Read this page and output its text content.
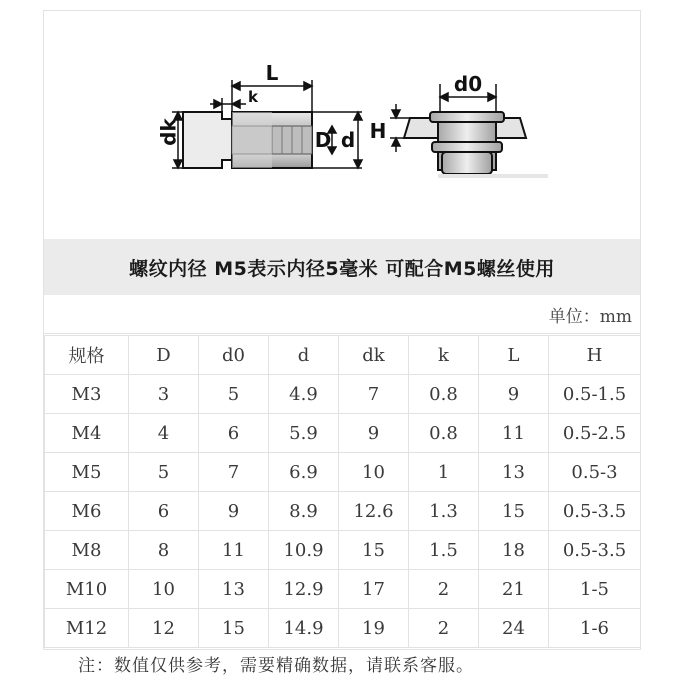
L
k
dk	D d
d0
H
螺纹内径 M5表示内径5毫米 可配合M5螺丝使用
单位：mm
规格	D	d0	d	dk	k	L	H
M3	3	5	4.9	7	0.8	9	0.5-1.5
M4	4	6	5.9	9	0.8	11	0.5-2.5
M5	5	7	6.9	10	1	13	0.5-3
M6	6	9	8.9	12.6	1.3	15	0.5-3.5
M8	8	11	10.9	15	1.5	18	0.5-3.5
M10	10	13	12.9	17	2	21	1-5
M12	12	15	14.9	19	2	24	1-6
注：数值仅供参考，需要精确数据，请联系客服。
